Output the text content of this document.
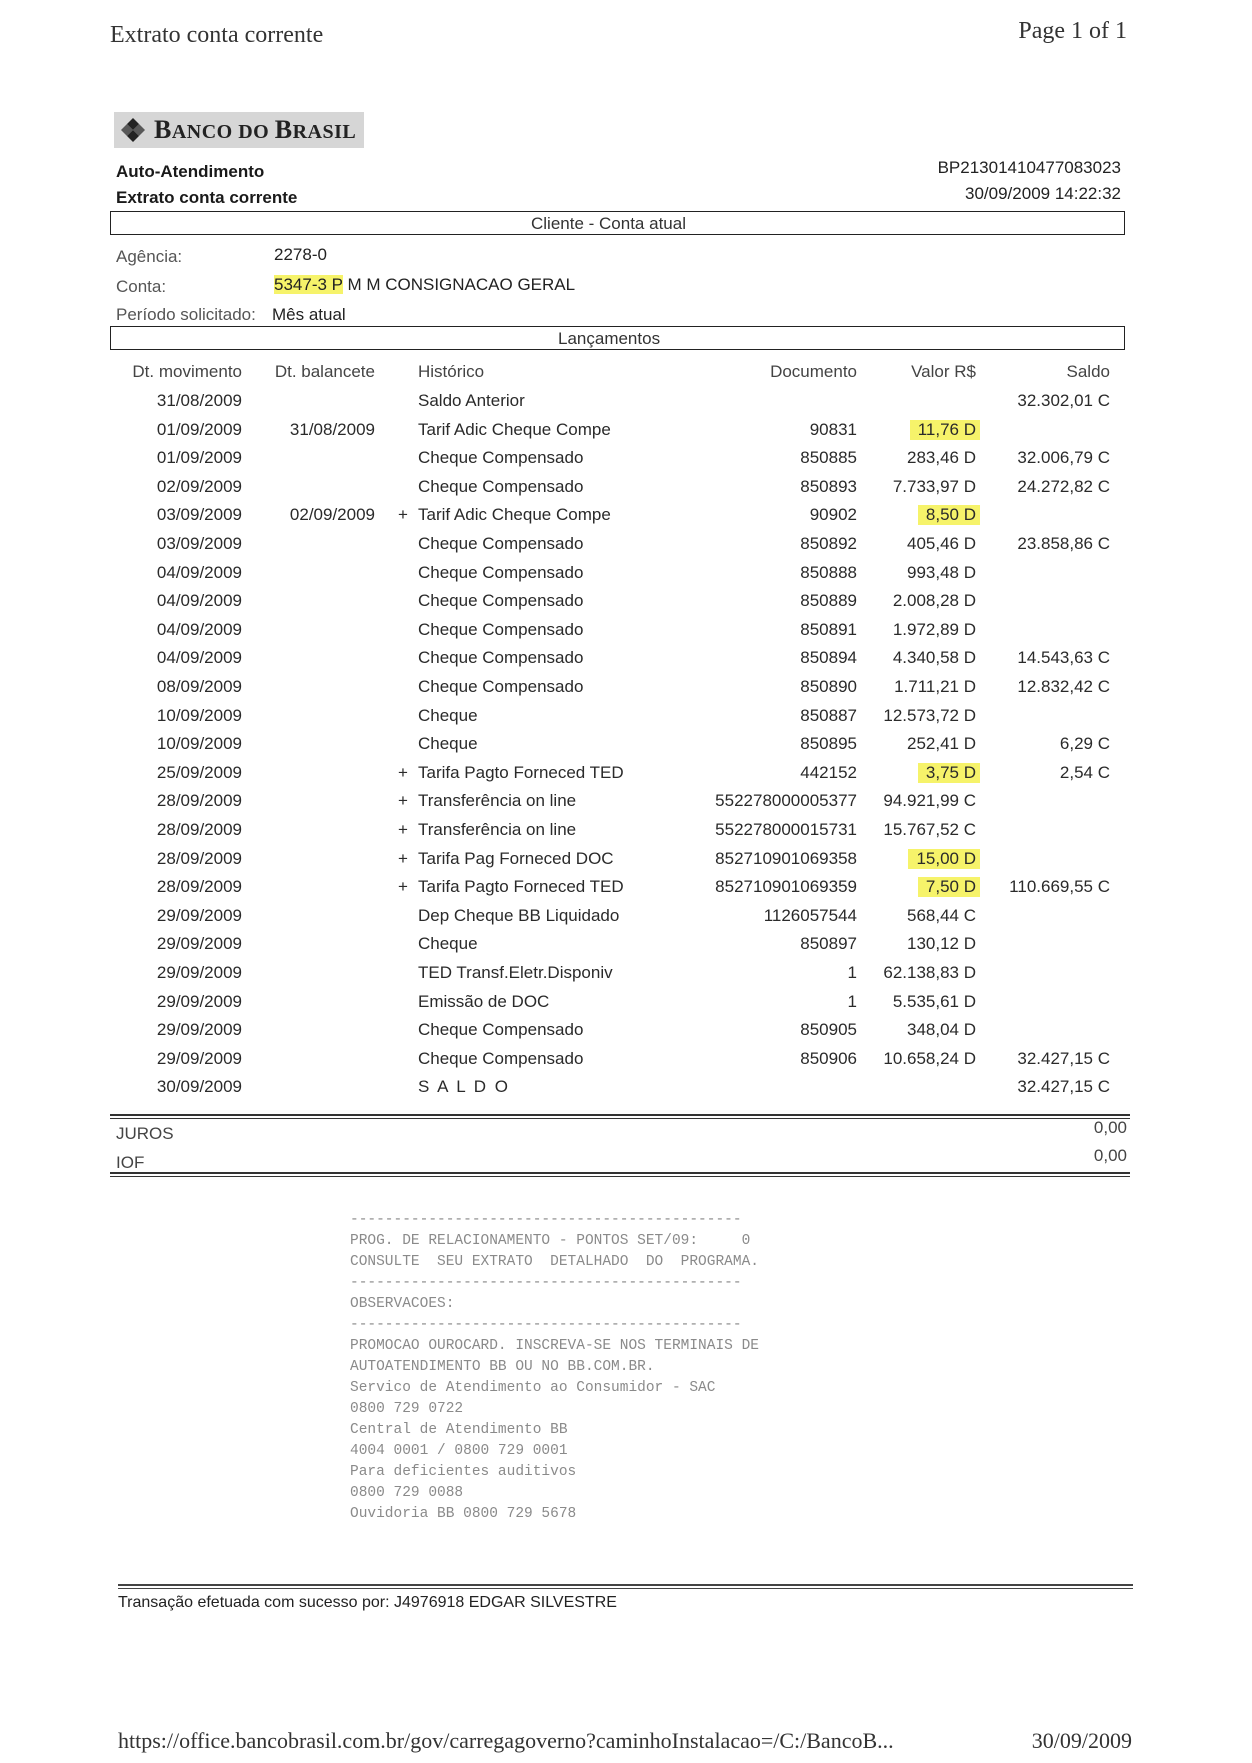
Extrato conta corrente	Page 1 of 1
BANCO DO BRASIL
Auto-Atendimento
Extrato conta corrente
BP21301410477083023
30/09/2009 14:22:32
Cliente - Conta atual
Agência:	2278-0
Conta:	5347-3 P M M CONSIGNACAO GERAL
Período solicitado: Mês atual
Lançamentos
Dt. movimento Dt. balancete	Histórico	Documento	Valor R$	Saldo
31/08/2009	Saldo Anterior	32.302,01 C
01/09/2009	31/08/2009	Tarif Adic Cheque Compe	90831	11,76 D
01/09/2009	Cheque Compensado	850885	283,46 D 32.006,79 C
02/09/2009	Cheque Compensado	850893 7.733,97 D 24.272,82 C
03/09/2009	02/09/2009 + Tarif Adic Cheque Compe	90902	8,50 D
03/09/2009	Cheque Compensado	850892	405,46 D 23.858,86 C
04/09/2009	Cheque Compensado	850888	993,48 D
04/09/2009	Cheque Compensado	850889 2.008,28 D
04/09/2009	Cheque Compensado	850891 1.972,89 D
04/09/2009	Cheque Compensado	850894 4.340,58 D 14.543,63 C
08/09/2009	Cheque Compensado	850890 1.711,21 D 12.832,42 C
10/09/2009	Cheque	850887 12.573,72 D
10/09/2009	Cheque	850895	252,41 D	6,29 C
25/09/2009	+ Tarifa Pagto Forneced TED	442152	3,75 D	2,54 C
28/09/2009	+ Transferência on line	552278000005377 94.921,99 C
28/09/2009	+ Transferência on line	552278000015731 15.767,52 C
28/09/2009	+ Tarifa Pag Forneced DOC	852710901069358	15,00 D
28/09/2009	+ Tarifa Pagto Forneced TED	852710901069359	7,50 D 110.669,55 C
29/09/2009	Dep Cheque BB Liquidado	1126057544	568,44 C
29/09/2009	Cheque	850897	130,12 D
29/09/2009	TED Transf.Eletr.Disponiv	1 62.138,83 D
29/09/2009	Emissão de DOC	1 5.535,61 D
29/09/2009	Cheque Compensado	850905	348,04 D
29/09/2009	Cheque Compensado	850906 10.658,24 D 32.427,15 C
30/09/2009	S A L D O	32.427,15 C
JUROS	0,00
IOF	0,00
---------------------------------------------
PROG. DE RELACIONAMENTO - PONTOS SET/09:     0
CONSULTE  SEU EXTRATO  DETALHADO  DO  PROGRAMA.
---------------------------------------------
OBSERVACOES:
---------------------------------------------
PROMOCAO OUROCARD. INSCREVA-SE NOS TERMINAIS DE
AUTOATENDIMENTO BB OU NO BB.COM.BR.
Servico de Atendimento ao Consumidor - SAC
0800 729 0722
Central de Atendimento BB
4004 0001 / 0800 729 0001
Para deficientes auditivos
0800 729 0088
Ouvidoria BB 0800 729 5678
Transação efetuada com sucesso por: J4976918 EDGAR SILVESTRE
https://office.bancobrasil.com.br/gov/carregagoverno?caminhoInstalacao=/C:/BancoB...	30/09/2009
